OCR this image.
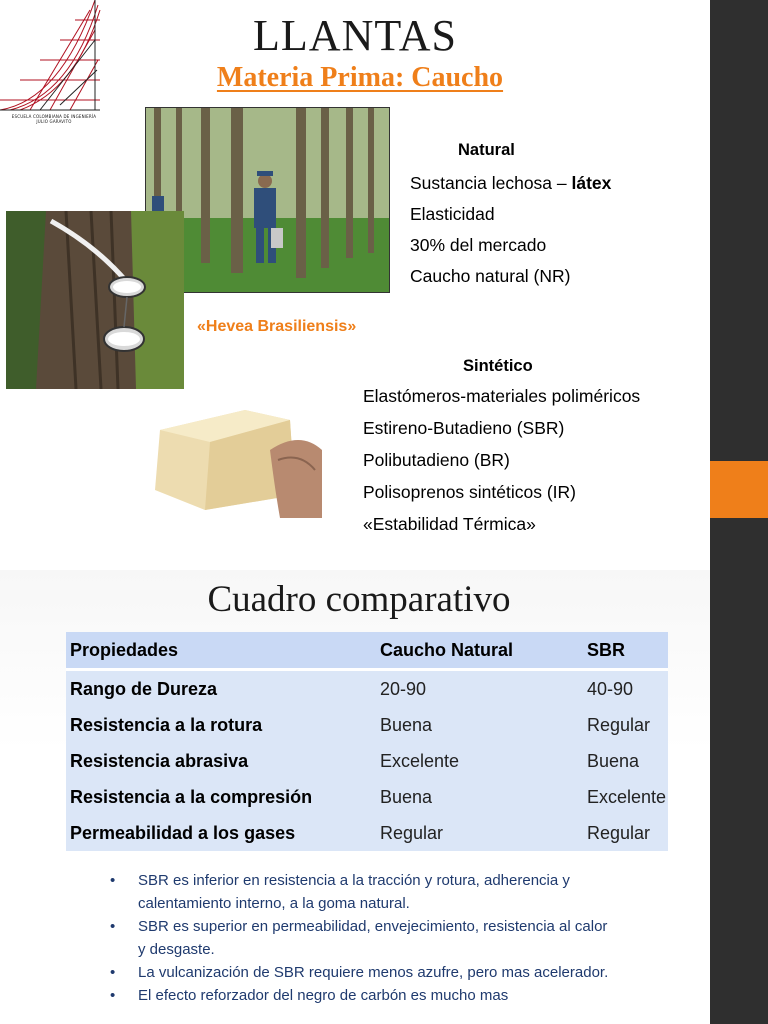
ESCUELA COLOMBIANA DE INGENIERÍA
JULIO GARAVITO
LLANTAS
Materia Prima: Caucho
Natural
Sustancia lechosa – látex
Elasticidad
30% del mercado
Caucho natural (NR)
«Hevea Brasiliensis»
Sintético
Elastómeros-materiales poliméricos
Estireno-Butadieno (SBR)
Polibutadieno (BR)
Polisoprenos sintéticos (IR)
«Estabilidad Térmica»
Cuadro comparativo
Propiedades	Caucho Natural	SBR
Rango de Dureza	20-90	40-90
Resistencia a la rotura	Buena	Regular
Resistencia abrasiva	Excelente	Buena
Resistencia a la compresión	Buena	Excelente
Permeabilidad a los gases	Regular	Regular
• SBR es inferior en resistencia a la tracción y rotura, adherencia y calentamiento interno, a la goma natural.
• SBR es superior en permeabilidad, envejecimiento, resistencia al calor y desgaste.
• La vulcanización de SBR requiere menos azufre, pero mas acelerador.
• El efecto reforzador del negro de carbón es mucho mas
